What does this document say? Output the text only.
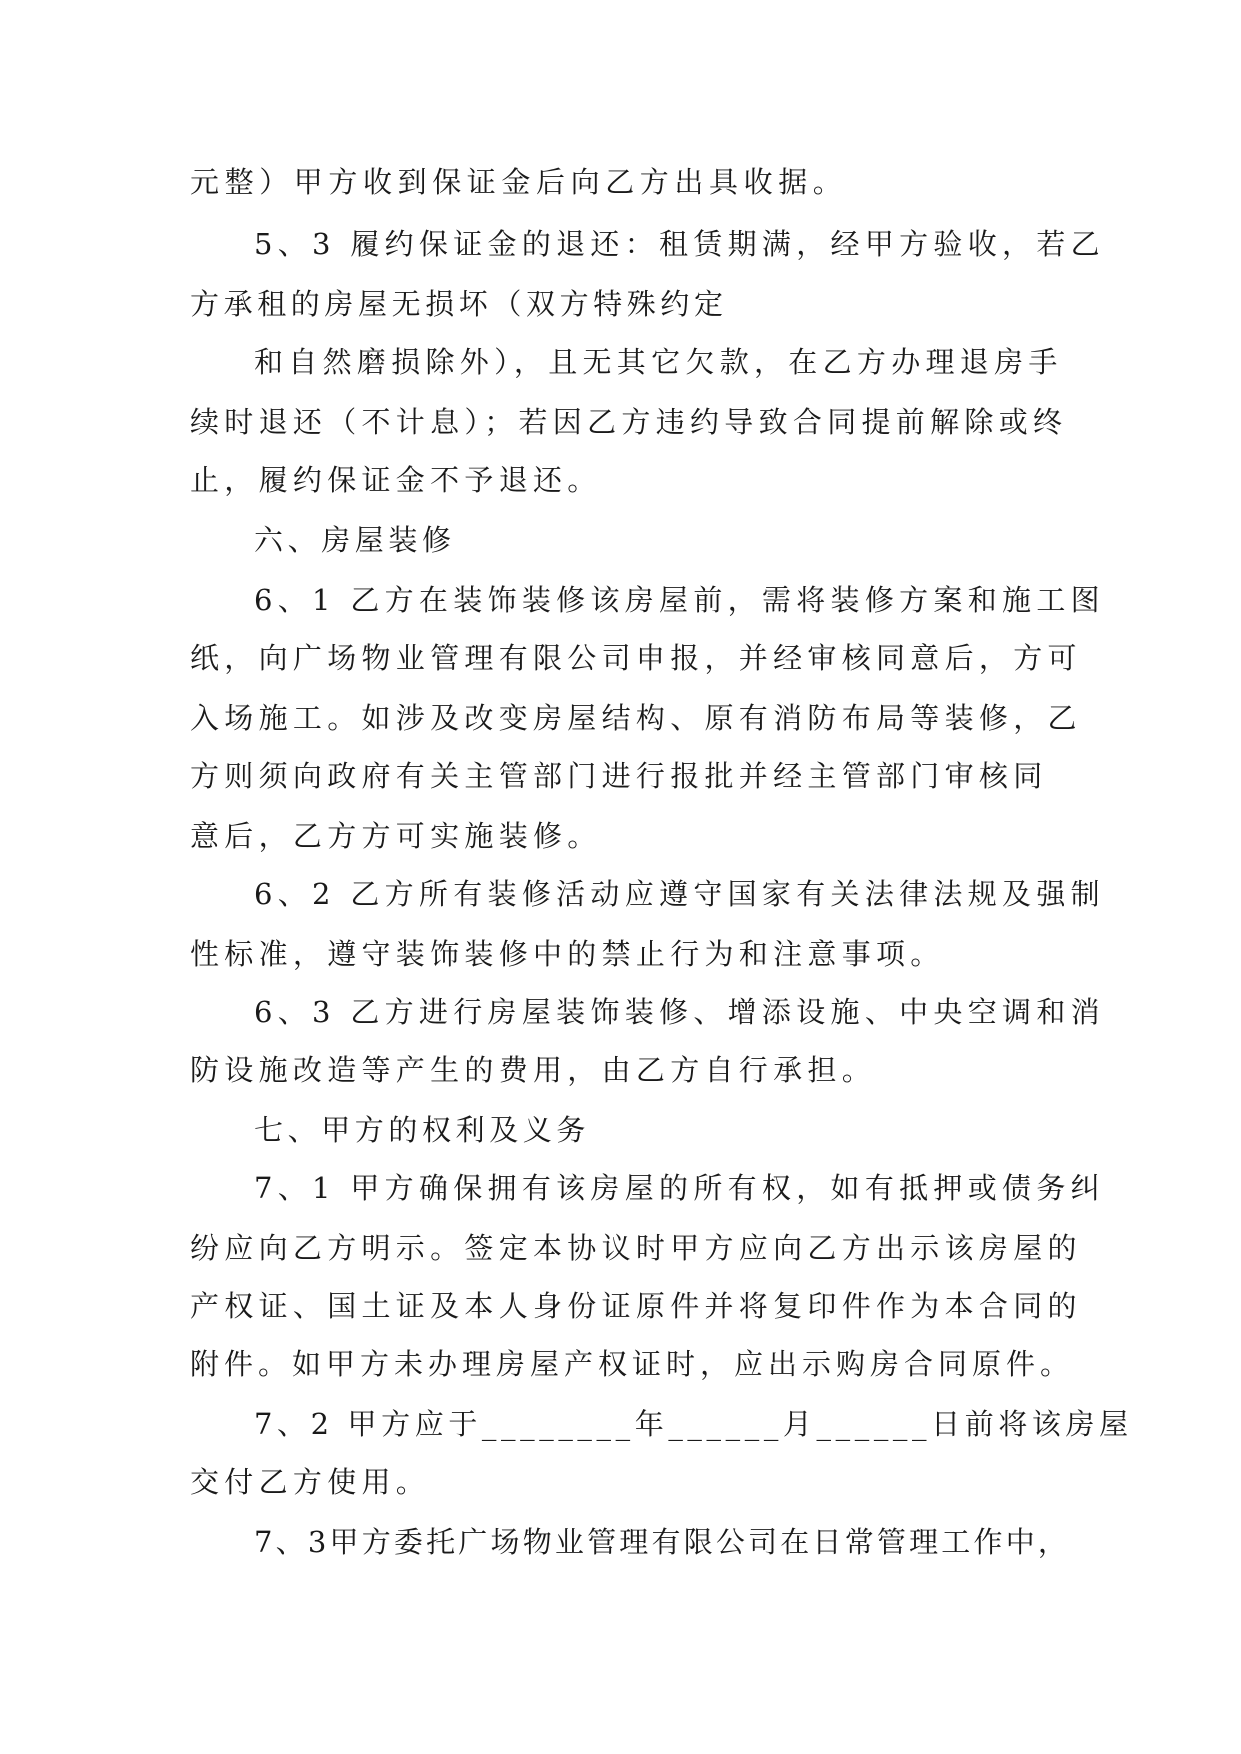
元整）甲方收到保证金后向乙方出具收据。

5、3 履约保证金的退还：租赁期满，经甲方验收，若乙

方承租的房屋无损坏（双方特殊约定

和自然磨损除外），且无其它欠款，在乙方办理退房手

续时退还（不计息）；若因乙方违约导致合同提前解除或终

止，履约保证金不予退还。

六、房屋装修

6、1 乙方在装饰装修该房屋前，需将装修方案和施工图

纸，向广场物业管理有限公司申报，并经审核同意后，方可

入场施工。如涉及改变房屋结构、原有消防布局等装修，乙

方则须向政府有关主管部门进行报批并经主管部门审核同

意后，乙方方可实施装修。

6、2 乙方所有装修活动应遵守国家有关法律法规及强制

性标准，遵守装饰装修中的禁止行为和注意事项。

6、3 乙方进行房屋装饰装修、增添设施、中央空调和消

防设施改造等产生的费用，由乙方自行承担。

七、甲方的权利及义务

7、1 甲方确保拥有该房屋的所有权，如有抵押或债务纠

纷应向乙方明示。签定本协议时甲方应向乙方出示该房屋的

产权证、国土证及本人身份证原件并将复印件作为本合同的

附件。如甲方未办理房屋产权证时，应出示购房合同原件。

7、2 甲方应于________年______月______日前将该房屋

交付乙方使用。

7、3甲方委托广场物业管理有限公司在日常管理工作中，
